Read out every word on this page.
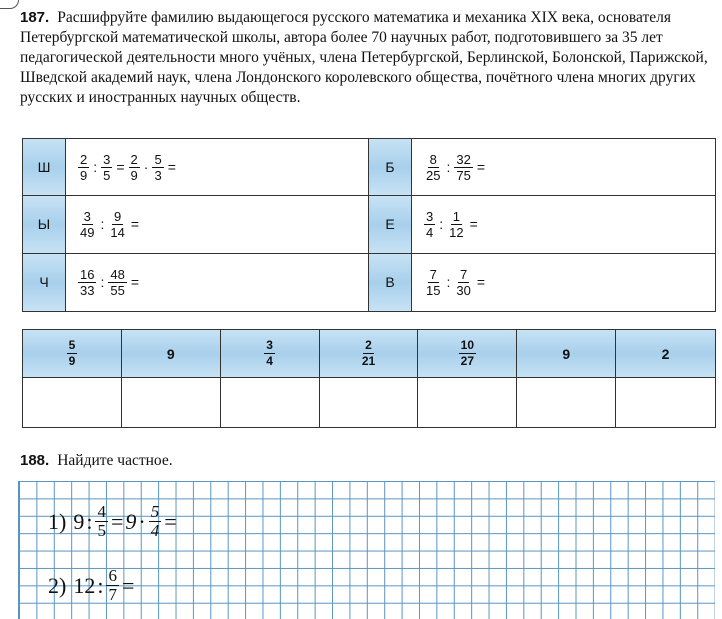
187. Расшифруйте фамилию выдающегося русского математика и механика XIX века, основателя Петербургской математической школы, автора более 70 научных работ, подготовившего за 35 лет педагогической деятельности много учёных, члена Петербургской, Берлинской, Болонской, Парижской, Шведской академий наук, члена Лондонского королевского общества, почётного члена многих других русских и иностранных научных обществ.
Ш $\frac{2}{9}$ : $\frac{3}{5} = \frac{2}{9} \cdot \frac{5}{3}$ =	Б $\frac{8}{25}$ : $\frac{32}{75}$ =
Ы $\frac{3}{49}$ : $\frac{9}{14}$ =	Е $\frac{3}{4}$ : $\frac{1}{12}$ =
Ч $\frac{16}{33}$ : $\frac{48}{55}$ =	В $\frac{7}{15}$ : $\frac{7}{30}$ =
$\frac{5}{9}$	9	$\frac{3}{4}$	$\frac{2}{21}$	$\frac{10}{27}$	9	2
188. Найдите частное.
1) 9 : $\frac{4}{5} = 9 \cdot \frac{5}{4}$ =
2) 12 : $\frac{6}{7}$ =
